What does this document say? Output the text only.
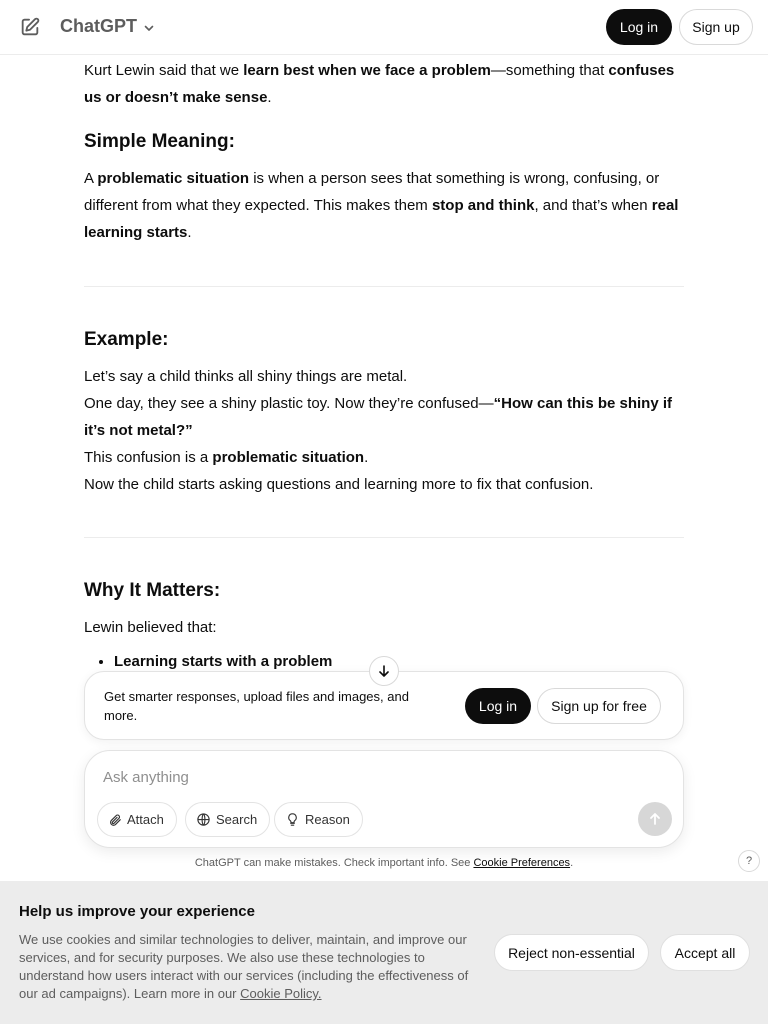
ChatGPT	Log in	Sign up

Kurt Lewin said that we learn best when we face a problem—something that confuses us or doesn’t make sense.

Simple Meaning:

A problematic situation is when a person sees that something is wrong, confusing, or different from what they expected. This makes them stop and think, and that’s when real learning starts.

Example:

Let’s say a child thinks all shiny things are metal.

One day, they see a shiny plastic toy. Now they’re confused—“How can this be shiny if it’s not metal?”

This confusion is a problematic situation.

Now the child starts asking questions and learning more to fix that confusion.

Why It Matters:

Lewin believed that:

• Learning starts with a problem
Get smarter responses, upload files and images, and more.
Log in	Sign up for free
Ask anything
Attach	Search	Reason
ChatGPT can make mistakes. Check important info. See Cookie Preferences.	?
Help us improve your experience
We use cookies and similar technologies to deliver, maintain, and improve our services, and for security purposes. We also use these technologies to understand how users interact with our services (including the effectiveness of our ad campaigns). Learn more in our Cookie Policy.
Reject non-essential	Accept all
